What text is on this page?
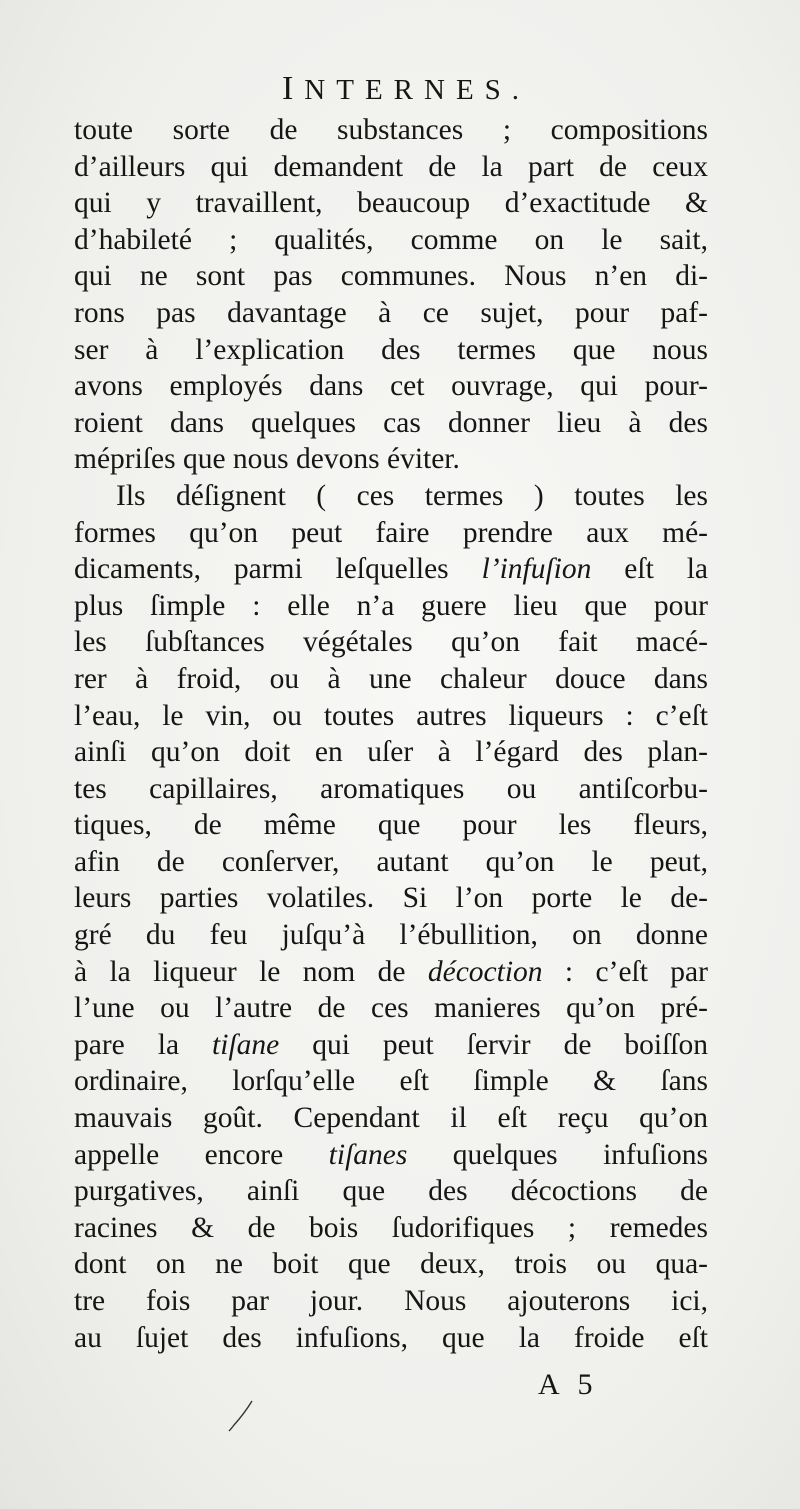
INTERNES.
toute sorte de substances ; compositions
d’ailleurs qui demandent de la part de ceux
qui y travaillent, beaucoup d’exactitude &
d’habileté ; qualités, comme on le sait,
qui ne sont pas communes. Nous n’en di-
rons pas davantage à ce sujet, pour paf-
ser à l’explication des termes que nous
avons employés dans cet ouvrage, qui pour-
roient dans quelques cas donner lieu à des
mépriſes que nous devons éviter.
Ils déſignent ( ces termes ) toutes les
formes qu’on peut faire prendre aux mé-
dicaments, parmi leſquelles l’infuſion eſt la
plus ſimple : elle n’a guere lieu que pour
les ſubſtances végétales qu’on fait macé-
rer à froid, ou à une chaleur douce dans
l’eau, le vin, ou toutes autres liqueurs : c’eſt
ainſi qu’on doit en uſer à l’égard des plan-
tes capillaires, aromatiques ou antiſcorbu-
tiques, de même que pour les fleurs,
afin de conſerver, autant qu’on le peut,
leurs parties volatiles. Si l’on porte le de-
gré du feu juſqu’à l’ébullition, on donne
à la liqueur le nom de décoction : c’eſt par
l’une ou l’autre de ces manieres qu’on pré-
pare la tiſane qui peut ſervir de boiſſon
ordinaire, lorſqu’elle eſt ſimple & ſans
mauvais goût. Cependant il eſt reçu qu’on
appelle encore tiſanes quelques infuſions
purgatives, ainſi que des décoctions de
racines & de bois ſudorifiques ; remedes
dont on ne boit que deux, trois ou qua-
tre fois par jour. Nous ajouterons ici,
au ſujet des infuſions, que la froide eſt
A 5
